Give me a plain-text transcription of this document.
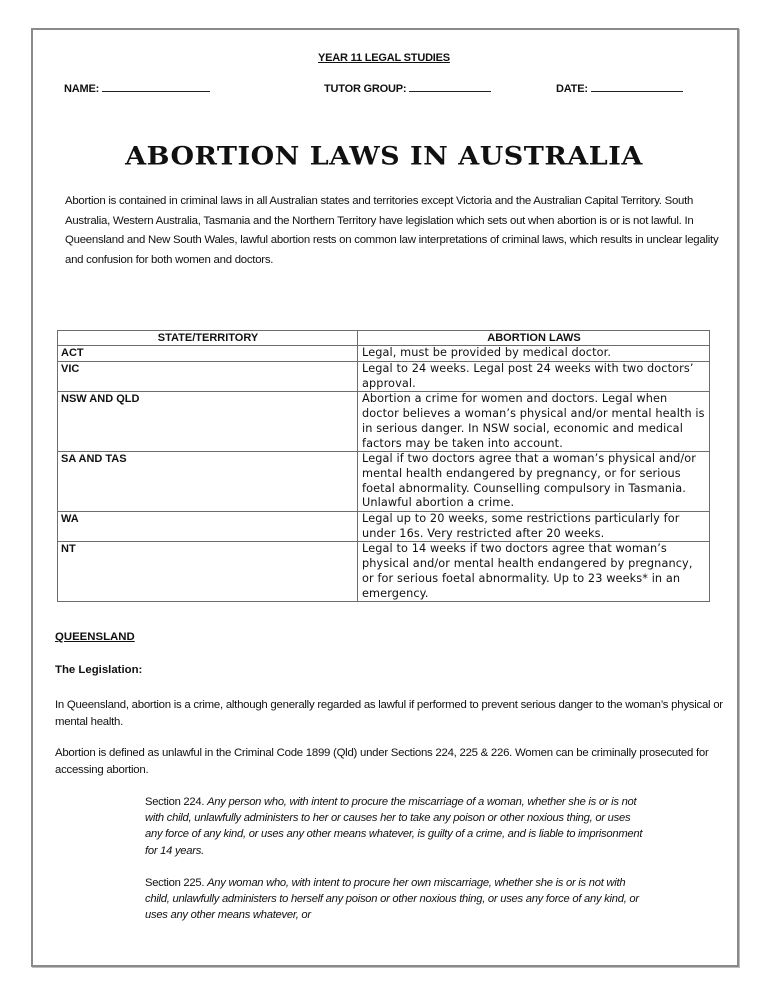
YEAR 11 LEGAL STUDIES
NAME:	TUTOR GROUP:	DATE:
ABORTION LAWS IN AUSTRALIA
Abortion is contained in criminal laws in all Australian states and territories except Victoria and the Australian Capital Territory. South Australia, Western Australia, Tasmania and the Northern Territory have legislation which sets out when abortion is or is not lawful. In Queensland and New South Wales, lawful abortion rests on common law interpretations of criminal laws, which results in unclear legality and confusion for both women and doctors.
STATE/TERRITORY	ABORTION LAWS
ACT	Legal, must be provided by medical doctor.
VIC	Legal to 24 weeks. Legal post 24 weeks with two doctors’ approval.
NSW AND QLD	Abortion a crime for women and doctors. Legal when doctor believes a woman’s physical and/or mental health is in serious danger. In NSW social, economic and medical factors may be taken into account.
SA AND TAS	Legal if two doctors agree that a woman’s physical and/or mental health endangered by pregnancy, or for serious foetal abnormality. Counselling compulsory in Tasmania. Unlawful abortion a crime.
WA	Legal up to 20 weeks, some restrictions particularly for under 16s. Very restricted after 20 weeks.
NT	Legal to 14 weeks if two doctors agree that woman’s physical and/or mental health endangered by pregnancy, or for serious foetal abnormality. Up to 23 weeks* in an emergency.
QUEENSLAND
The Legislation:
In Queensland, abortion is a crime, although generally regarded as lawful if performed to prevent serious danger to the woman’s physical or mental health.
Abortion is defined as unlawful in the Criminal Code 1899 (Qld) under Sections 224, 225 & 226. Women can be criminally prosecuted for accessing abortion.
Section 224. Any person who, with intent to procure the miscarriage of a woman, whether she is or is not with child, unlawfully administers to her or causes her to take any poison or other noxious thing, or uses any force of any kind, or uses any other means whatever, is guilty of a crime, and is liable to imprisonment for 14 years.
Section 225. Any woman who, with intent to procure her own miscarriage, whether she is or is not with child, unlawfully administers to herself any poison or other noxious thing, or uses any force of any kind, or uses any other means whatever, or
